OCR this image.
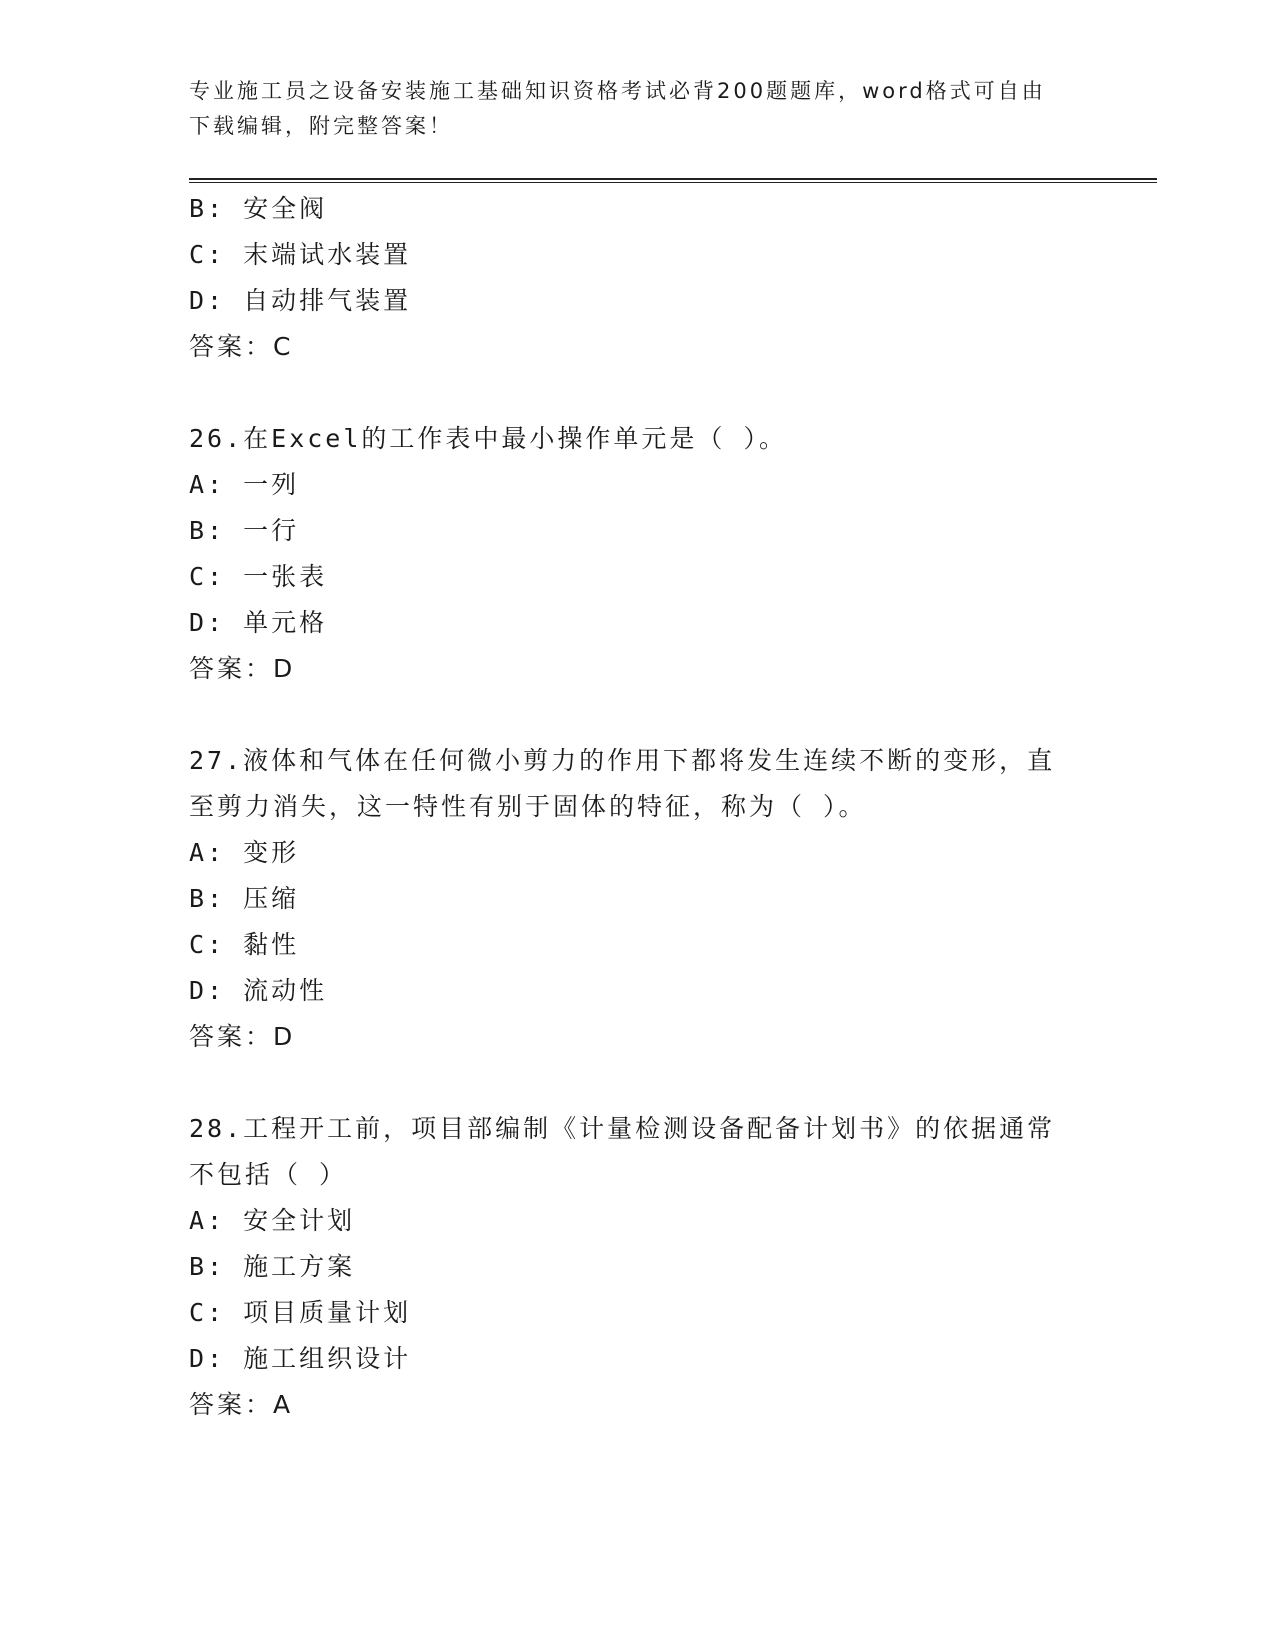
专业施工员之设备安装施工基础知识资格考试必背200题题库，word格式可自由下载编辑，附完整答案！
B: 安全阀
C: 末端试水装置
D: 自动排气装置
答案：C
26.在Excel的工作表中最小操作单元是（ ）。
A: 一列
B: 一行
C: 一张表
D: 单元格
答案：D
27.液体和气体在任何微小剪力的作用下都将发生连续不断的变形，直至剪力消失，这一特性有别于固体的特征，称为（ ）。
A: 变形
B: 压缩
C: 黏性
D: 流动性
答案：D
28.工程开工前，项目部编制《计量检测设备配备计划书》的依据通常不包括（ ）
A: 安全计划
B: 施工方案
C: 项目质量计划
D: 施工组织设计
答案：A
